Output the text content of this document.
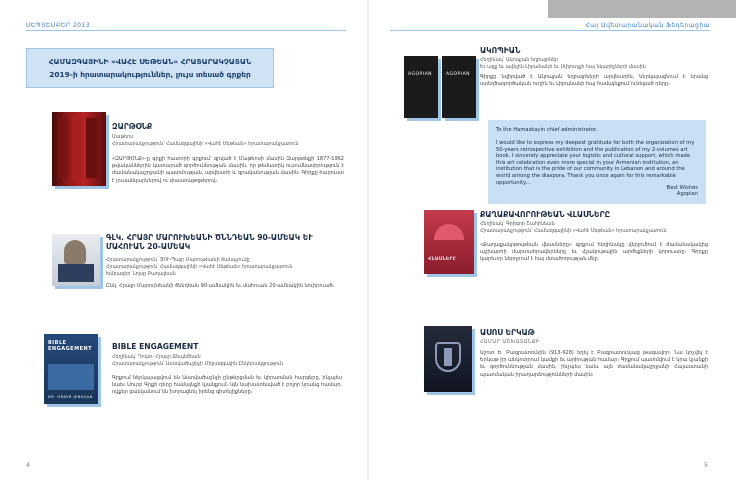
ՍԵՊՏԵՄԲԵՐ 2013	Հայ Ավետարանական Ֆեդերացիա
ՀԱՄԱԶԳԱՅԻՆԻ «ՎԱՀԷ ՍԵԹԵԱՆ» ՀՐԱՏԱՐԱԿՉԱՏԱՆ
2019-ի հրատարակություններ, լույս տեսած գրքեր
ԶԱՐԹՕՆՔ
Մաթեոս
Հրատարակչություն՝ Համազգայինի «Վահէ Սեթեան» հրատարակչատուն
«ԶԱՐԹՕՆՔ»-ը գրքի հատորի գրքում՝ գրված է Մաթեոսի մասին Զարթօնքի 1877-1962 թվականներին կատարած գործունեության մասին, որ թեմատիկ ուսումնասիրություն է ժամանակաշրջանի պատմության, արվեստի և գրականության մասին։ Գիրքը հարուստ է լուսանկարներով ու փաստաթղթերով։
ԳԼԿ. ՀՐԱՅՐ ՄԱՐՈՒԽԵԱՆԻ ԾՆՆԴԵԱՆ 90-ԱՄԵԱԿ ԵՒ ՄԱՀՈՒԱՆ 20-ԱՄԵԱԿ
Հրատարակչություն՝ ՅՈՒ-Պայր Մարութեանի ճանաչումը
Հրատարակչություն՝ Համազգայինի «Վահէ Սեթեան» հրատարակչատուն
Խմբագիր՝ Լոյսը Բադալեան
Ընկ. Հրայր Մարուխեանի ծննդեան 90-ամեակին եւ մահուան 20-ամեակին նուիրուած։
BIBLE ENGAGEMENT
DR. HRAYR JEBEJIAN
BIBLE ENGAGEMENT
Հեղինակ՝ Դոկտ. Հրայր Ճեպեճեան
Հրատարակչություն՝ Աստվածաշնչի Միջազգային Ընկերակցություն
Գրքում ներկայացվում են Աստվածաշնչի ընթերցման եւ կիրառման հարցերը, ինչպես նաեւ Սուրբ Գրքի դերը համայնքի կյանքում։ Այն նախատեսված է բոլոր նրանց համար, ովքեր ցանկանում են խորացնել իրենց գիտելիքները։
AGOPIAN	AGOPIAN
ԱԿՈՊԻԱՆ
Հեղինակ՝ Ակոպյան եղբայրներ
Եւ այլք եւ ավելին Լիբանանի եւ Սփյուռքի հայ նկարիչների մասին
Գիրքը նվիրված է Ակոպյան եղբայրների արվեստին, ներկայացնում է նրանց ստեղծագործական ուղին եւ Լիբանանի հայ համայնքում ունեցած դերը։
To the Hamazkayin chief administrator,
I would like to express my deepest gratitude for both the organization of my 50-years retrospective exhibition and the publication of my 2-volumes art book. I sincerely appreciate your logistic and cultural support, which made this art celebration even more special in your Armenian institution, an institution that is the pride of our community in Lebanon and around the world among the diaspora. Thank you once again for this remarkable opportunity...
Best Wishes
Agopian
ՎՆԱՍՆԵՐԸ
ՔԱՂԱՔԱՎՈՐՈՒԹԵԱՆ ՎԼԱՍՆԵՐԸ
Հեղինակ՝ Գրիգոր Շահինեան
Հրատարակչություն՝ Համազգայինի «Վահէ Սեթեան» հրատարակչատուն
«Քաղաքակրթութեան վնասները» գրքում հեղինակը վերլուծում է ժամանակակից աշխարհի մարտահրավերները եւ մշակութային արժեքների կորուստը։ Գիրքը կարեւոր ներդրում է հայ մտածողության մեջ։
ԱՍՈՍ ԵՐԿԱԹ
ՀԱՄԱՐ ԱՇԽԱՏԱՆՔԻ
Աշոտ Ե. Բագրատունին (913-928) եղել է Բագրատունյաց թագավոր։ Նա կոչվել է Երկաթ իր անկոտրում կամքի եւ արիության համար։ Գրքում պատմվում է նրա կյանքի եւ գործունեության մասին, ինչպես նաեւ այն ժամանակաշրջանի Հայաստանի պատմական իրադարձությունների մասին։
4	5
